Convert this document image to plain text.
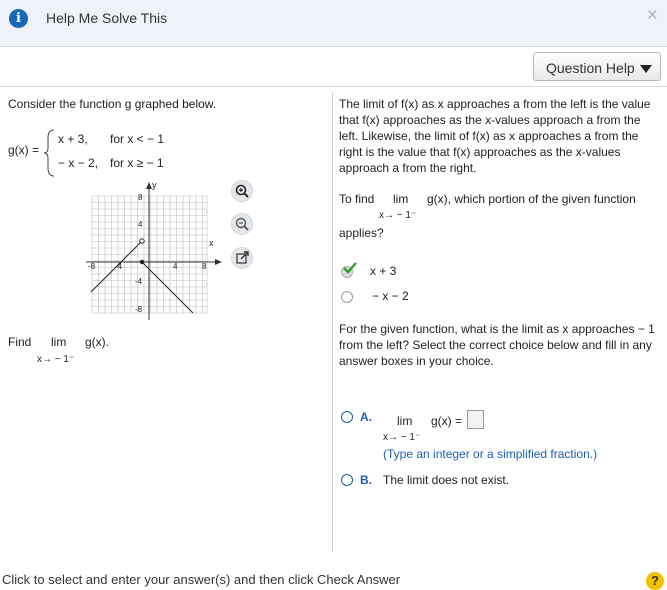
i	Help Me Solve This	✕
Question Help
Consider the function g graphed below.
g(x) =
x + 3, for x < − 1
− x − 2, for x ≥ − 1
y
x
8
4
-4
-8
-8 -4	4	8
Find lim g(x).
x→ − 1⁻
The limit of f(x) as x approaches a from the left is the value that f(x) approaches as the x-values approach a from the left. Likewise, the limit of f(x) as x approaches a from the right is the value that f(x) approaches as the x-values approach a from the right.
To find lim g(x), which portion of the given function
x→ − 1⁻
applies?
x + 3
− x − 2
For the given function, what is the limit as x approaches − 1 from the left? Select the correct choice below and fill in any answer boxes in your choice.
A. lim g(x) =
x→ − 1⁻
(Type an integer or a simplified fraction.)
B. The limit does not exist.
Click to select and enter your answer(s) and then click Check Answer	?
